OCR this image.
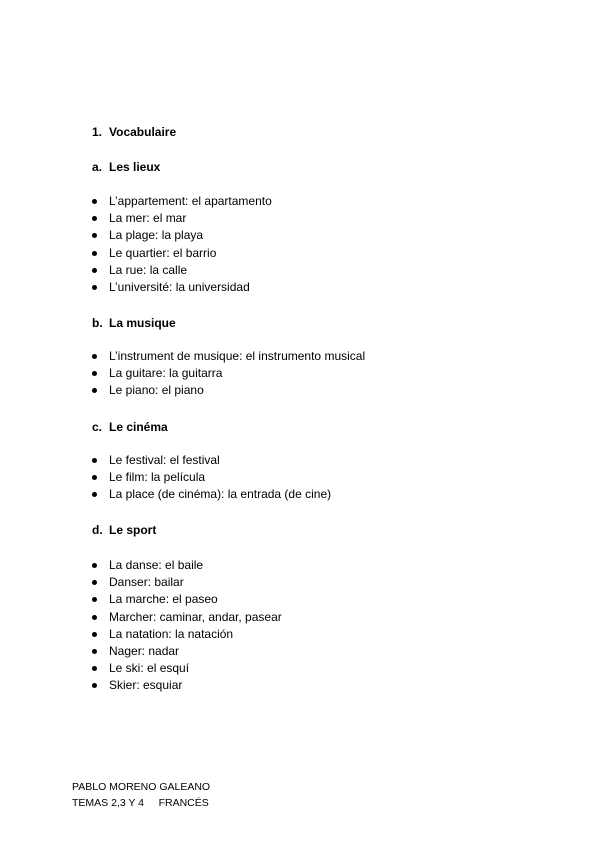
1. Vocabulaire
a. Les lieux
L’appartement: el apartamento
La mer: el mar
La plage: la playa
Le quartier: el barrio
La rue: la calle
L’université: la universidad
b. La musique
L’instrument de musique: el instrumento musical
La guitare: la guitarra
Le piano: el piano
c. Le cinéma
Le festival: el festival
Le film: la película
La place (de cinéma): la entrada (de cine)
d. Le sport
La danse: el baile
Danser: bailar
La marche: el paseo
Marcher: caminar, andar, pasear
La natation: la natación
Nager: nadar
Le ski: el esquí
Skier: esquiar
PABLO MORENO GALEANO
TEMAS 2,3 Y 4     FRANCÉS
